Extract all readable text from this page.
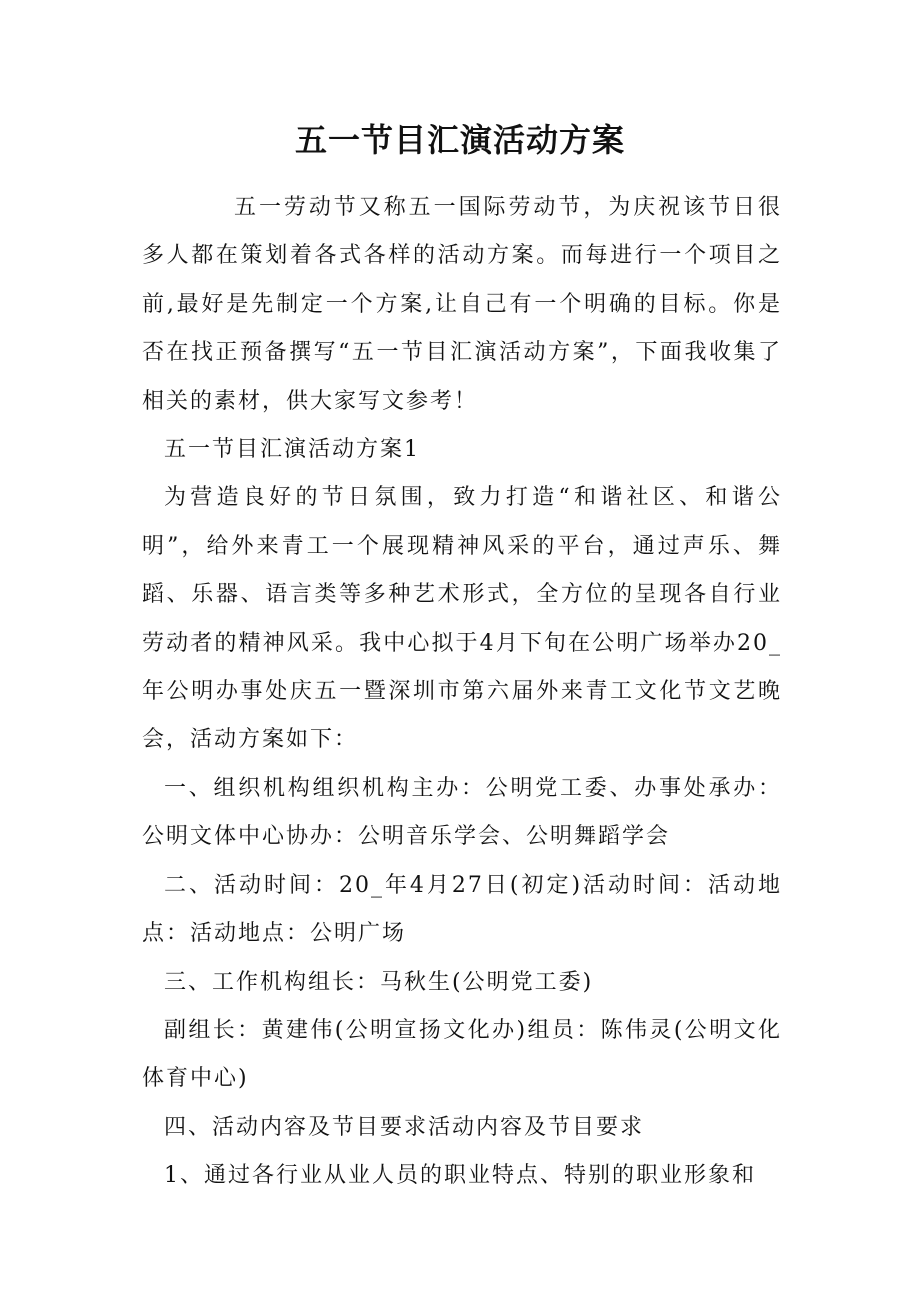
五一节目汇演活动方案

五一劳动节又称五一国际劳动节，为庆祝该节日很多人都在策划着各式各样的活动方案。而每进行一个项目之前,最好是先制定一个方案,让自己有一个明确的目标。你是否在找正预备撰写“五一节目汇演活动方案”，下面我收集了相关的素材，供大家写文参考！

五一节目汇演活动方案1

为营造良好的节日氛围，致力打造“和谐社区、和谐公明”，给外来青工一个展现精神风采的平台，通过声乐、舞蹈、乐器、语言类等多种艺术形式，全方位的呈现各自行业劳动者的精神风采。我中心拟于4月下旬在公明广场举办20_年公明办事处庆五一暨深圳市第六届外来青工文化节文艺晚会，活动方案如下：

一、组织机构组织机构主办：公明党工委、办事处承办：公明文体中心协办：公明音乐学会、公明舞蹈学会

二、活动时间：20_年4月27日(初定)活动时间：活动地点：活动地点：公明广场

三、工作机构组长：马秋生(公明党工委)

副组长：黄建伟(公明宣扬文化办)组员：陈伟灵(公明文化体育中心)

四、活动内容及节目要求活动内容及节目要求

1、通过各行业从业人员的职业特点、特别的职业形象和
